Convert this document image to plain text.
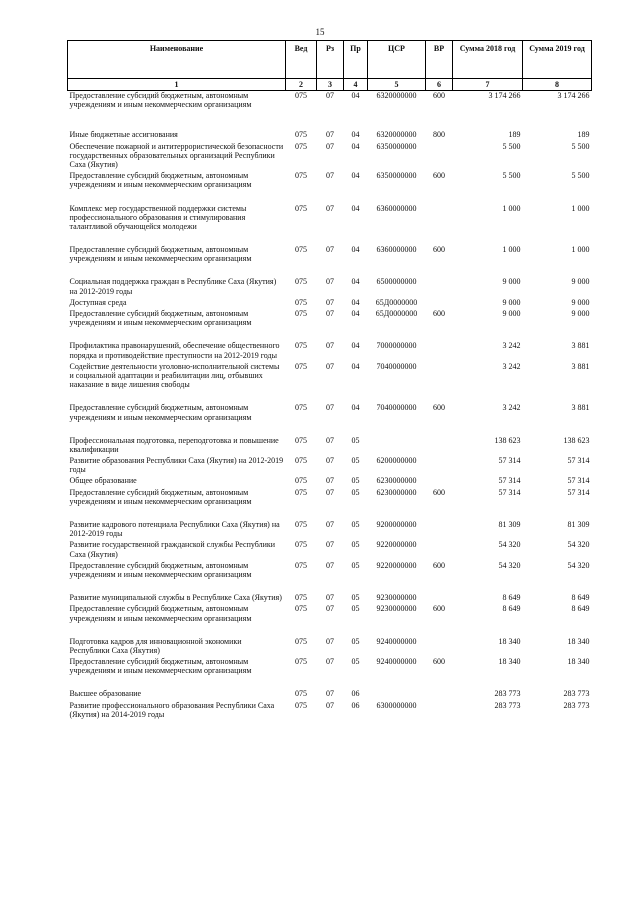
15
Наименование	Вед	Рз	Пр	ЦСР	ВР	Сумма 2018 год	Сумма 2019 год
1	2	3	4	5	6	7	8
Предоставление субсидий бюджетным, автономным учреждениям и иным некоммерческим организациям	075	07	04	6320000000	600	3 174 266	3 174 266
Иные бюджетные ассигнования	075	07	04	6320000000	800	189	189
Обеспечение пожарной и антитеррористической безопасности государственных образовательных организаций Республики Саха (Якутия)	075	07	04	6350000000		5 500	5 500
Предоставление субсидий бюджетным, автономным учреждениям и иным некоммерческим организациям	075	07	04	6350000000	600	5 500	5 500
Комплекс мер государственной поддержки системы профессионального образования и стимулирования талантливой обучающейся молодежи	075	07	04	6360000000		1 000	1 000
Предоставление субсидий бюджетным, автономным учреждениям и иным некоммерческим организациям	075	07	04	6360000000	600	1 000	1 000
Социальная поддержка граждан в Республике Саха (Якутия) на 2012-2019 годы	075	07	04	6500000000		9 000	9 000
Доступная среда	075	07	04	65Д0000000		9 000	9 000
Предоставление субсидий бюджетным, автономным учреждениям и иным некоммерческим организациям	075	07	04	65Д0000000	600	9 000	9 000
Профилактика правонарушений, обеспечение общественного порядка и противодействие преступности на 2012-2019 годы	075	07	04	7000000000		3 242	3 881
Содействие деятельности уголовно-исполнительной системы и социальной адаптации и реабилитации лиц, отбывших наказание в виде лишения свободы	075	07	04	7040000000		3 242	3 881
Предоставление субсидий бюджетным, автономным учреждениям и иным некоммерческим организациям	075	07	04	7040000000	600	3 242	3 881
Профессиональная подготовка, переподготовка и повышение квалификации	075	07	05			138 623	138 623
Развитие образования Республики Саха (Якутия) на 2012-2019 годы	075	07	05	6200000000		57 314	57 314
Общее образование	075	07	05	6230000000		57 314	57 314
Предоставление субсидий бюджетным, автономным учреждениям и иным некоммерческим организациям	075	07	05	6230000000	600	57 314	57 314
Развитие кадрового потенциала Республики Саха (Якутия) на 2012-2019 годы	075	07	05	9200000000		81 309	81 309
Развитие государственной гражданской службы Республики Саха (Якутия)	075	07	05	9220000000		54 320	54 320
Предоставление субсидий бюджетным, автономным учреждениям и иным некоммерческим организациям	075	07	05	9220000000	600	54 320	54 320
Развитие муниципальной службы в Республике Саха (Якутия)	075	07	05	9230000000		8 649	8 649
Предоставление субсидий бюджетным, автономным учреждениям и иным некоммерческим организациям	075	07	05	9230000000	600	8 649	8 649
Подготовка кадров для инновационной экономики Республики Саха (Якутия)	075	07	05	9240000000		18 340	18 340
Предоставление субсидий бюджетным, автономным учреждениям и иным некоммерческим организациям	075	07	05	9240000000	600	18 340	18 340
Высшее образование	075	07	06			283 773	283 773
Развитие профессионального образования Республики Саха (Якутия) на 2014-2019 годы	075	07	06	6300000000		283 773	283 773
